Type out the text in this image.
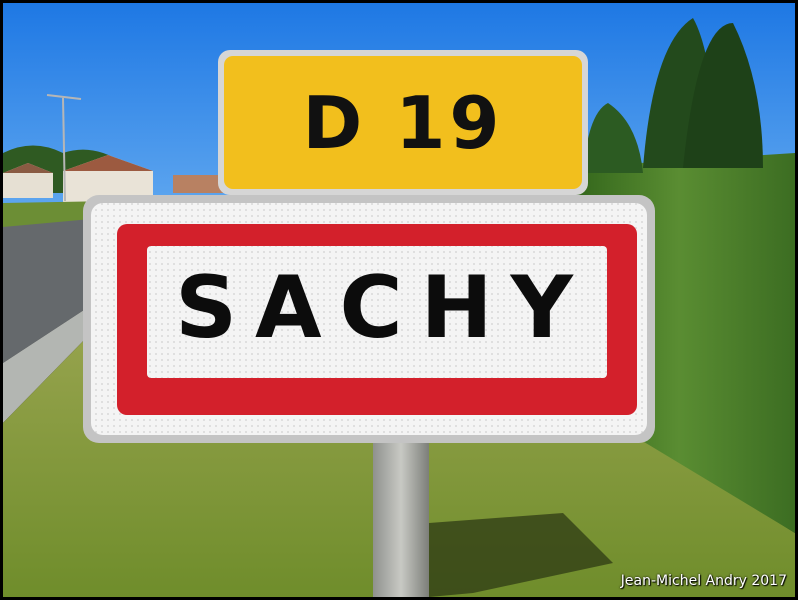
D 19
SACHY
Jean-Michel Andry 2017
